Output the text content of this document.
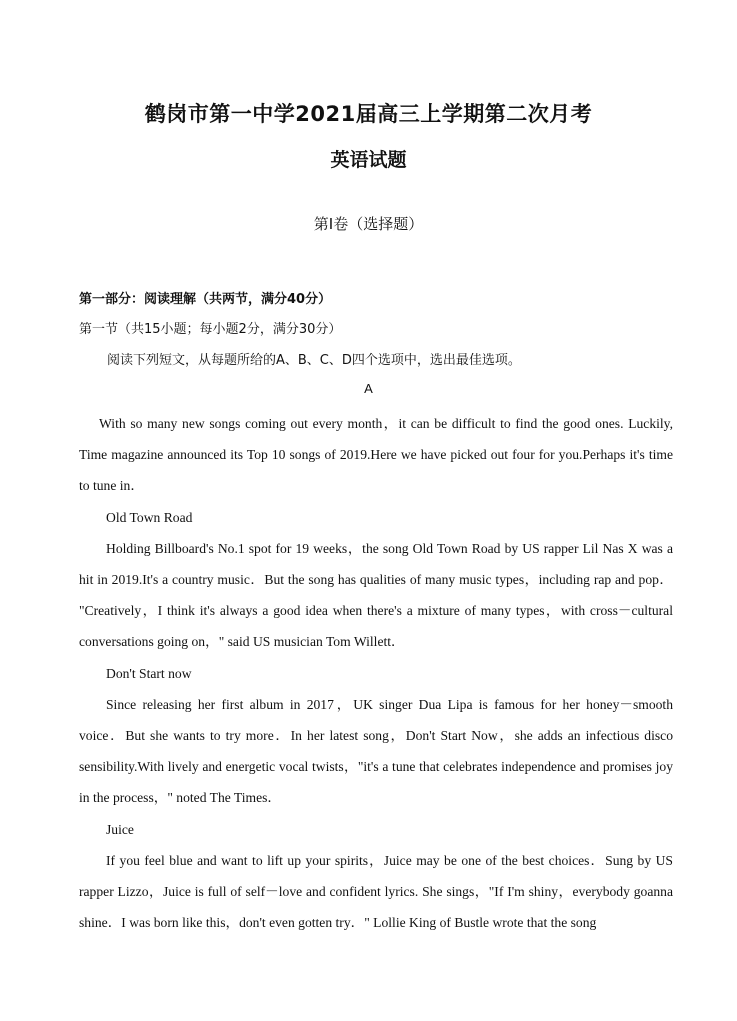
鹤岗市第一中学2021届高三上学期第二次月考
英语试题
第Ⅰ卷（选择题）
第一部分：阅读理解（共两节，满分40分）
第一节（共15小题；每小题2分，满分30分）
阅读下列短文，从每题所给的A、B、C、D四个选项中，选出最佳选项。
A

With so many new songs coming out every month，it can be difficult to find the good ones. Luckily, Time magazine announced its Top 10 songs of 2019.Here we have picked out four for you.Perhaps it's time to tune in．

Old Town Road

Holding Billboard's No.1 spot for 19 weeks，the song Old Town Road by US rapper Lil Nas X was a hit in 2019.It's a country music．But the song has qualities of many music types，including rap and pop． "Creatively，I think it's always a good idea when there's a mixture of many types，with cross－cultural conversations going on，" said US musician Tom Willett．

Don't Start now

Since releasing her first album in 2017，UK singer Dua Lipa is famous for her honey－smooth voice．But she wants to try more．In her latest song，Don't Start Now，she adds an infectious disco sensibility.With lively and energetic vocal twists，"it's a tune that celebrates independence and promises joy in the process，" noted The Times．

Juice

If you feel blue and want to lift up your spirits，Juice may be one of the best choices．Sung by US rapper Lizzo，Juice is full of self－love and confident lyrics. She sings，"If I'm shiny，everybody goanna shine．I was born like this，don't even gotten try．" Lollie King of Bustle wrote that the song
